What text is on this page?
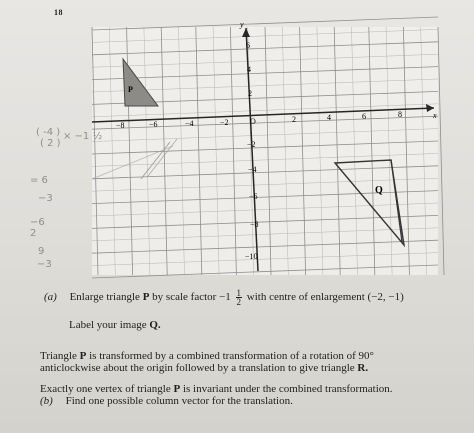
18
x
y
−8	−6	−4	−2	O	2	4	6	8
6
4
2
−2
−4
−6
−8
−10
P
Q
( -4 )
( 2 )
× −1 ½
= 6
−3
−6
2
9
−3
(a) Enlarge triangle P by scale factor $-1 \frac{1}{2}$ with centre of enlargement (−2, −1)
Label your image Q.
Triangle P is transformed by a combined transformation of a rotation of 90°
anticlockwise about the origin followed by a translation to give triangle R.
Exactly one vertex of triangle P is invariant under the combined transformation.
(b) Find one possible column vector for the translation.
